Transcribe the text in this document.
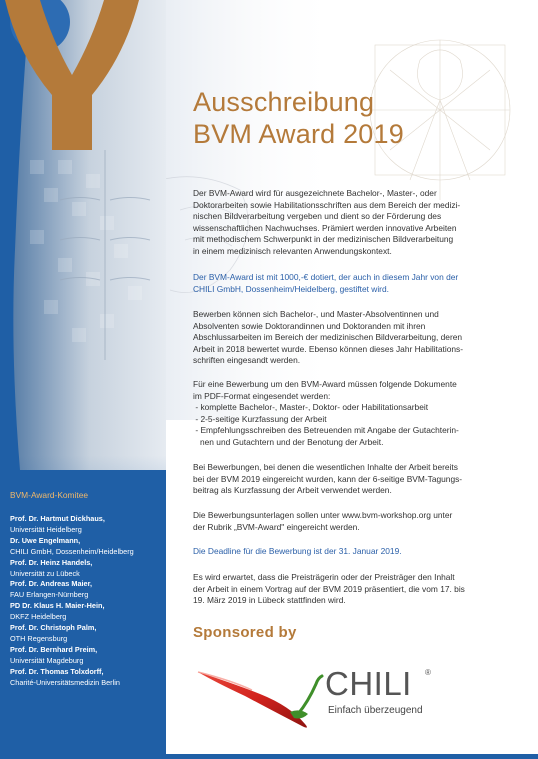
BVM-Award-Komitee
Prof. Dr. Hartmut Dickhaus,
Universität Heidelberg
Dr. Uwe Engelmann,
CHILI GmbH, Dossenheim/Heidelberg
Prof. Dr. Heinz Handels,
Universität zu Lübeck
Prof. Dr. Andreas Maier,
FAU Erlangen-Nürnberg
PD Dr. Klaus H. Maier-Hein,
DKFZ Heidelberg
Prof. Dr. Christoph Palm,
OTH Regensburg
Prof. Dr. Bernhard Preim,
Universität Magdeburg
Prof. Dr. Thomas Tolxdorff,
Charité-Universitätsmedizin Berlin
Ausschreibung
BVM Award 2019
Der BVM-Award wird für ausgezeichnete Bachelor-, Master-, oder
Doktorarbeiten sowie Habilitationsschriften aus dem Bereich der medizi-
nischen Bildverarbeitung vergeben und dient so der Förderung des
wissenschaftlichen Nachwuchses. Prämiert werden innovative Arbeiten
mit methodischem Schwerpunkt in der medizinischen Bildverarbeitung
in einem medizinisch relevanten Anwendungskontext.
Der BVM-Award ist mit 1000,-€ dotiert, der auch in diesem Jahr von der
CHILI GmbH, Dossenheim/Heidelberg, gestiftet wird.
Bewerben können sich Bachelor-, und Master-Absolventinnen und
Absolventen sowie Doktorandinnen und Doktoranden mit ihren
Abschlussarbeiten im Bereich der medizinischen Bildverarbeitung, deren
Arbeit in 2018 bewertet wurde. Ebenso können dieses Jahr Habilitations-
schriften eingesandt werden.
Für eine Bewerbung um den BVM-Award müssen folgende Dokumente
im PDF-Format eingesendet werden:
- komplette Bachelor-, Master-, Doktor- oder Habilitationsarbeit
- 2-5-seitige Kurzfassung der Arbeit
- Empfehlungsschreiben des Betreuenden mit Angabe der Gutachterin-
nen und Gutachtern und der Benotung der Arbeit.
Bei Bewerbungen, bei denen die wesentlichen Inhalte der Arbeit bereits
bei der BVM 2019 eingereicht wurden, kann der 6-seitige BVM-Tagungs-
beitrag als Kurzfassung der Arbeit verwendet werden.
Die Bewerbungsunterlagen sollen unter www.bvm-workshop.org unter
der Rubrik „BVM-Award" eingereicht werden.
Die Deadline für die Bewerbung ist der 31. Januar 2019.
Es wird erwartet, dass die Preisträgerin oder der Preisträger den Inhalt
der Arbeit in einem Vortrag auf der BVM 2019 präsentiert, die vom 17. bis
19. März 2019 in Lübeck stattfinden wird.
Sponsored by
CHILI ®
Einfach überzeugend
